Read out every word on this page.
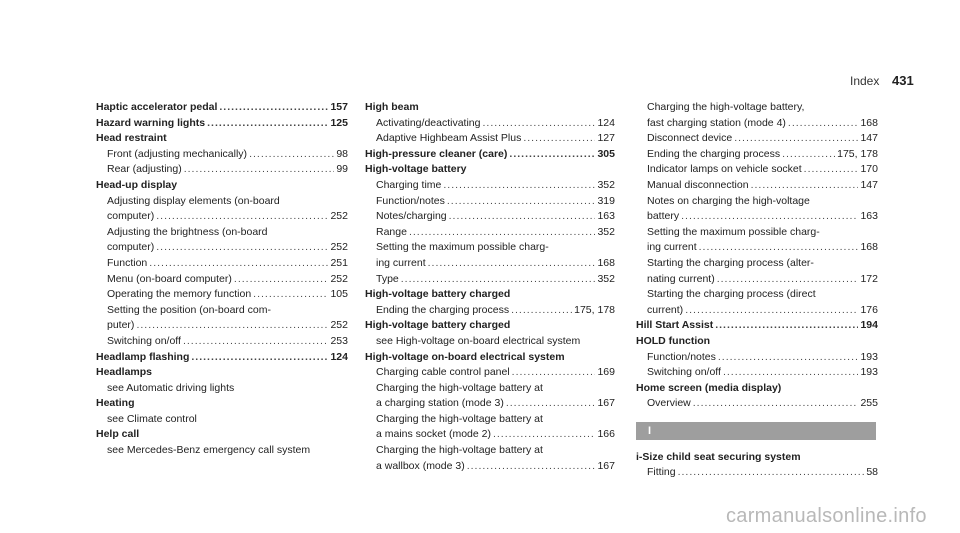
Index 431
Haptic accelerator pedal .....	157
Hazard warning lights .....	125
Head restraint
Front (adjusting mechanically) .....	98
Rear (adjusting) .....	99
Head-up display
Adjusting display elements (on-board
computer) .....	252
Adjusting the brightness (on-board
computer) .....	252
Function .....	251
Menu (on-board computer) .....	252
Operating the memory function .....	105
Setting the position (on-board com-
puter) .....	252
Switching on/off .....	253
Headlamp flashing .....	124
Headlamps
see Automatic driving lights
Heating
see Climate control
Help call
see Mercedes-Benz emergency call system
High beam
Activating/deactivating .....	124
Adaptive Highbeam Assist Plus .....	127
High-pressure cleaner (care) .....	305
High-voltage battery
Charging time .....	352
Function/notes .....	319
Notes/charging .....	163
Range .....	352
Setting the maximum possible charg-
ing current .....	168
Type .....	352
High-voltage battery charged
Ending the charging process .....	175, 178
High-voltage battery charged
see High-voltage on-board electrical system
High-voltage on-board electrical system
Charging cable control panel .....	169
Charging the high-voltage battery at
a charging station (mode 3) .....	167
Charging the high-voltage battery at
a mains socket (mode 2) .....	166
Charging the high-voltage battery at
a wallbox (mode 3) .....	167
Charging the high-voltage battery,
fast charging station (mode 4) .....	168
Disconnect device .....	147
Ending the charging process .....	175, 178
Indicator lamps on vehicle socket .....	170
Manual disconnection .....	147
Notes on charging the high-voltage
battery .....	163
Setting the maximum possible charg-
ing current .....	168
Starting the charging process (alter-
nating current) .....	172
Starting the charging process (direct
current) .....	176
Hill Start Assist .....	194
HOLD function
Function/notes .....	193
Switching on/off .....	193
Home screen (media display)
Overview .....	255
I
i-Size child seat securing system
Fitting .....	58
carmanualsonline.info
